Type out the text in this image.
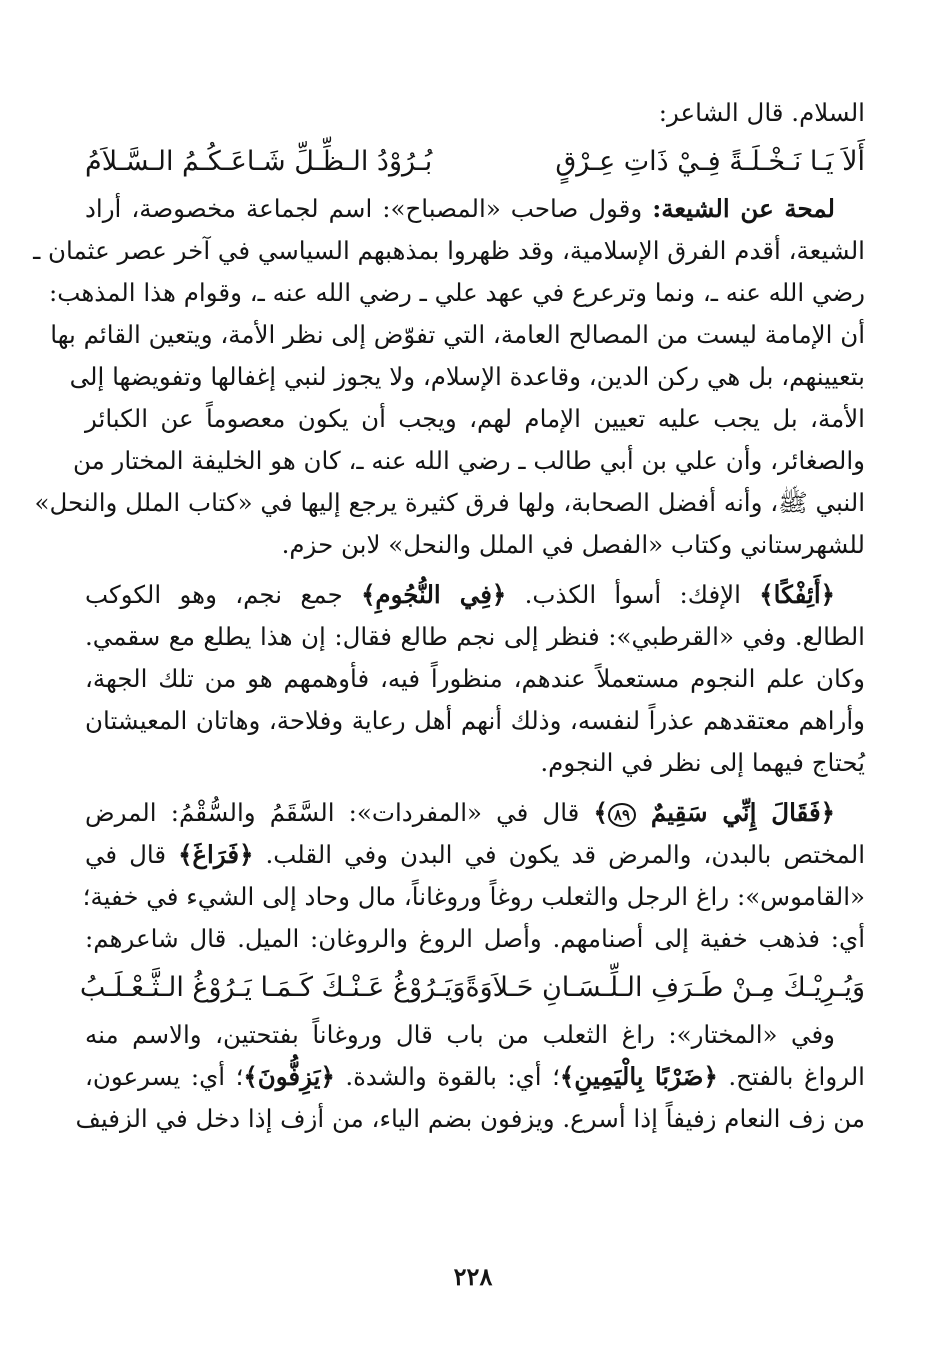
السلام. قال الشاعر:
أَلاَ يَـا نَـخْـلَـةً فِـيْ ذَاتِ عِـرْقٍ
بُـرُوْدُ الـظِّـلِّ شَـاعَـكُـمُ الـسَّـلاَمُ
لمحة عن الشيعة: وقول صاحب «المصباح»: اسم لجماعة مخصوصة، أراد
الشيعة، أقدم الفرق الإسلامية، وقد ظهروا بمذهبهم السياسي في آخر عصر عثمان ـ
رضي الله عنه ـ، ونما وترعرع في عهد علي ـ رضي الله عنه ـ، وقوام هذا المذهب:
أن الإمامة ليست من المصالح العامة، التي تفوّض إلى نظر الأمة، ويتعين القائم بها
بتعيينهم، بل هي ركن الدين، وقاعدة الإسلام، ولا يجوز لنبي إغفالها وتفويضها إلى
الأمة، بل يجب عليه تعيين الإمام لهم، ويجب أن يكون معصوماً عن الكبائر
والصغائر، وأن علي بن أبي طالب ـ رضي الله عنه ـ، كان هو الخليفة المختار من
النبي ﷺ، وأنه أفضل الصحابة، ولها فرق كثيرة يرجع إليها في «كتاب الملل والنحل»
للشهرستاني وكتاب «الفصل في الملل والنحل» لابن حزم.
﴿أَئِفْكًا﴾ الإفك: أسوأ الكذب. ﴿فِي النُّجُومِ﴾ جمع نجم، وهو الكوكب
الطالع. وفي «القرطبي»: فنظر إلى نجم طالع فقال: إن هذا يطلع مع سقمي.
وكان علم النجوم مستعملاً عندهم، منظوراً فيه، فأوهمهم هو من تلك الجهة،
وأراهم معتقدهم عذراً لنفسه، وذلك أنهم أهل رعاية وفلاحة، وهاتان المعيشتان
يُحتاج فيهما إلى نظر في النجوم.
﴿فَقَالَ إِنِّي سَقِيمٌ ٨٩﴾ قال في «المفردات»: السَّقَمُ والسُّقْمُ: المرض
المختص بالبدن، والمرض قد يكون في البدن وفي القلب. ﴿فَرَاغَ﴾ قال في
«القاموس»: راغ الرجل والثعلب روغاً وروغاناً، مال وحاد إلى الشيء في خفية؛
أي: فذهب خفية إلى أصنامهم. وأصل الروغ والروغان: الميل. قال شاعرهم:
وَيُـرِيْـكَ مِـنْ طَـرَفِ الـلِّـسَـانِ حَـلاَوَةً
وَيَـرُوْغُ عَـنْـكَ كَـمَـا يَـرُوْغُ الـثَّـعْـلَـبُ
وفي «المختار»: راغ الثعلب من باب قال وروغاناً بفتحتين، والاسم منه
الرواغ بالفتح. ﴿ضَرْبًا بِالْيَمِينِ﴾؛ أي: بالقوة والشدة. ﴿يَزِفُّونَ﴾؛ أي: يسرعون،
من زف النعام زفيفاً إذا أسرع. ويزفون بضم الياء، من أزف إذا دخل في الزفيف
٢٢٨
